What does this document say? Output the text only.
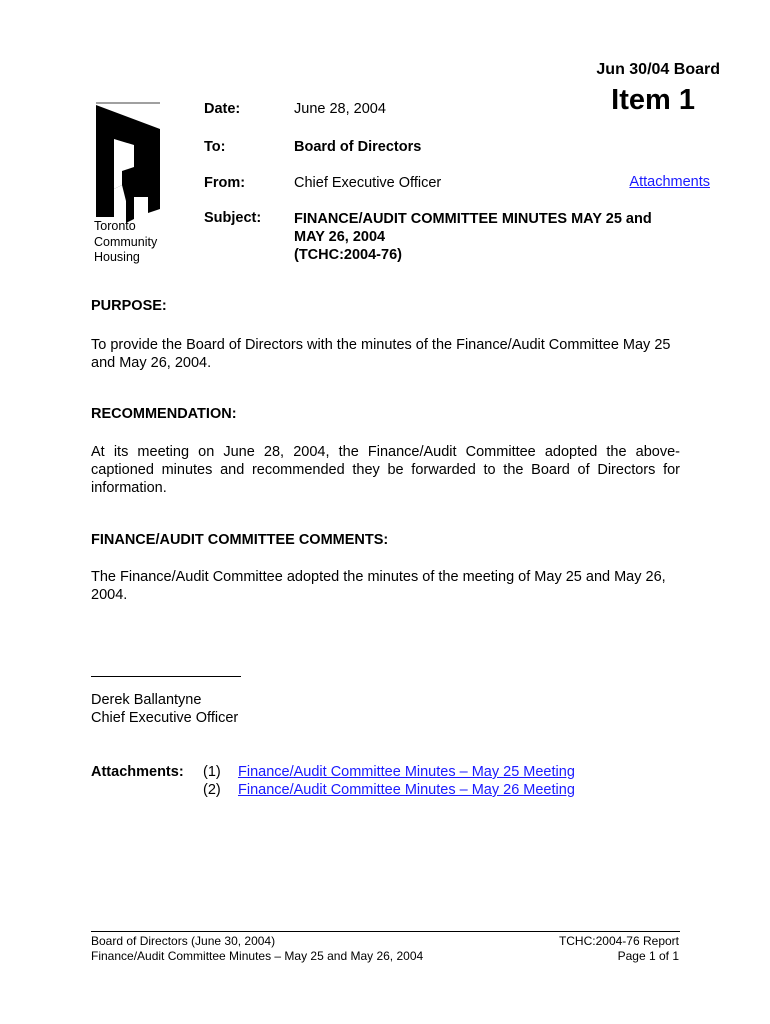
Jun 30/04 Board
Item 1
Toronto
Community
Housing
Date:	June 28, 2004
To:	Board of Directors
From:	Chief Executive Officer	Attachments
Subject: FINANCE/AUDIT COMMITTEE MINUTES MAY 25 and
MAY 26, 2004
(TCHC:2004-76)
PURPOSE:
To provide the Board of Directors with the minutes of the Finance/Audit Committee May 25 and May 26, 2004.
RECOMMENDATION:
At its meeting on June 28, 2004, the Finance/Audit Committee adopted the above-captioned minutes and recommended they be forwarded to the Board of Directors for information.
FINANCE/AUDIT COMMITTEE COMMENTS:
The Finance/Audit Committee adopted the minutes of the meeting of May 25 and May 26, 2004.
Derek Ballantyne
Chief Executive Officer
Attachments: (1) Finance/Audit Committee Minutes – May 25 Meeting
(2) Finance/Audit Committee Minutes – May 26 Meeting
Board of Directors (June 30, 2004)
Finance/Audit Committee Minutes – May 25 and May 26, 2004
TCHC:2004-76 Report
Page 1 of 1
